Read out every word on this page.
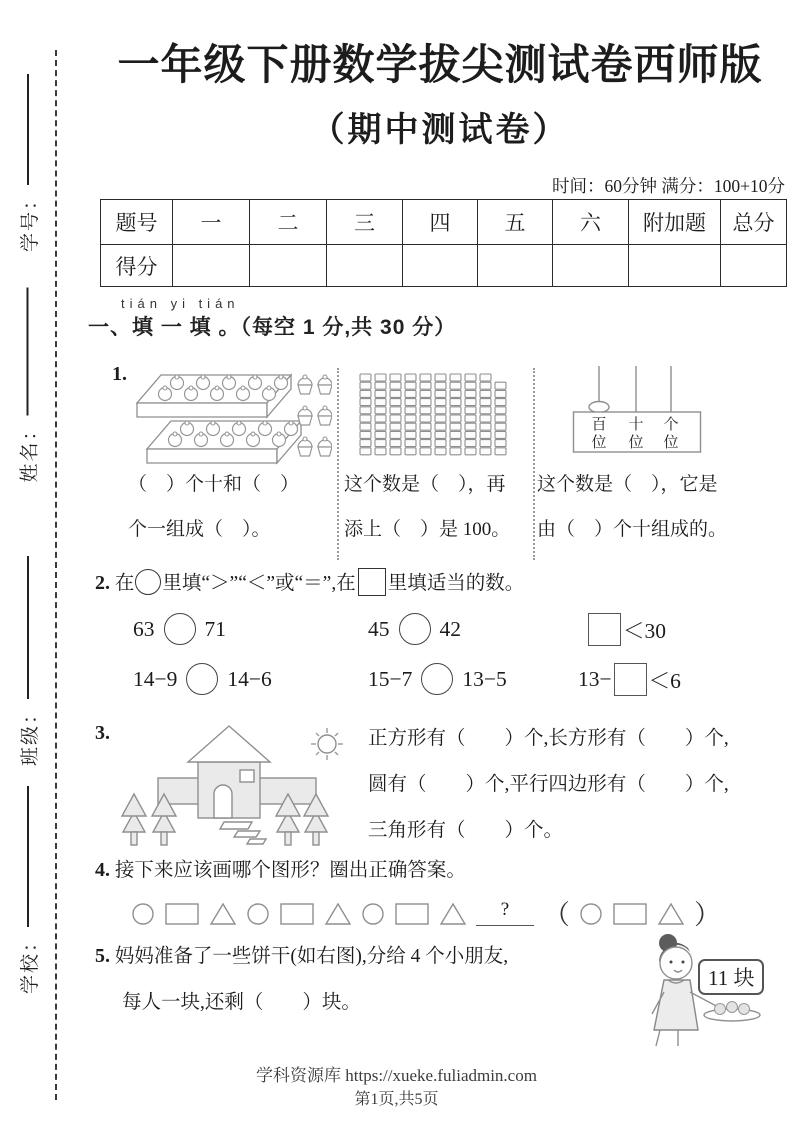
学号：
姓名：
班级：
学校：
一年级下册数学拔尖测试卷西师版
（期中测试卷）
时间：60分钟 满分：100+10分
题号	一	二	三	四	五	六	附加题	总分
得分								
tián yi tián
一、填 一 填 。（每空 1 分,共 30 分）
1.
（　）个十和（　）
个一组成（　）。
这个数是（　），再
添上（　）是 100。
百 十 个
位 位 位
这个数是（　），它是
由（　）个十组成的。
2. 在 里填“＞”“＜”或“＝”,在 里填适当的数。
63 71	45 42	＜30
14−9 14−6	15−7 13−5	13− ＜6
3.	正方形有（　　）个,长方形有（　　）个,
圆有（　　）个,平行四边形有（　　）个,
三角形有（　　）个。
4. 接下来应该画哪个图形？圈出正确答案。
?	（	）
5. 妈妈准备了一些饼干(如右图),分给 4 个小朋友,
每人一块,还剩（　　）块。
11 块
学科资源库 https://xueke.fuliadmin.com
第1页,共5页
